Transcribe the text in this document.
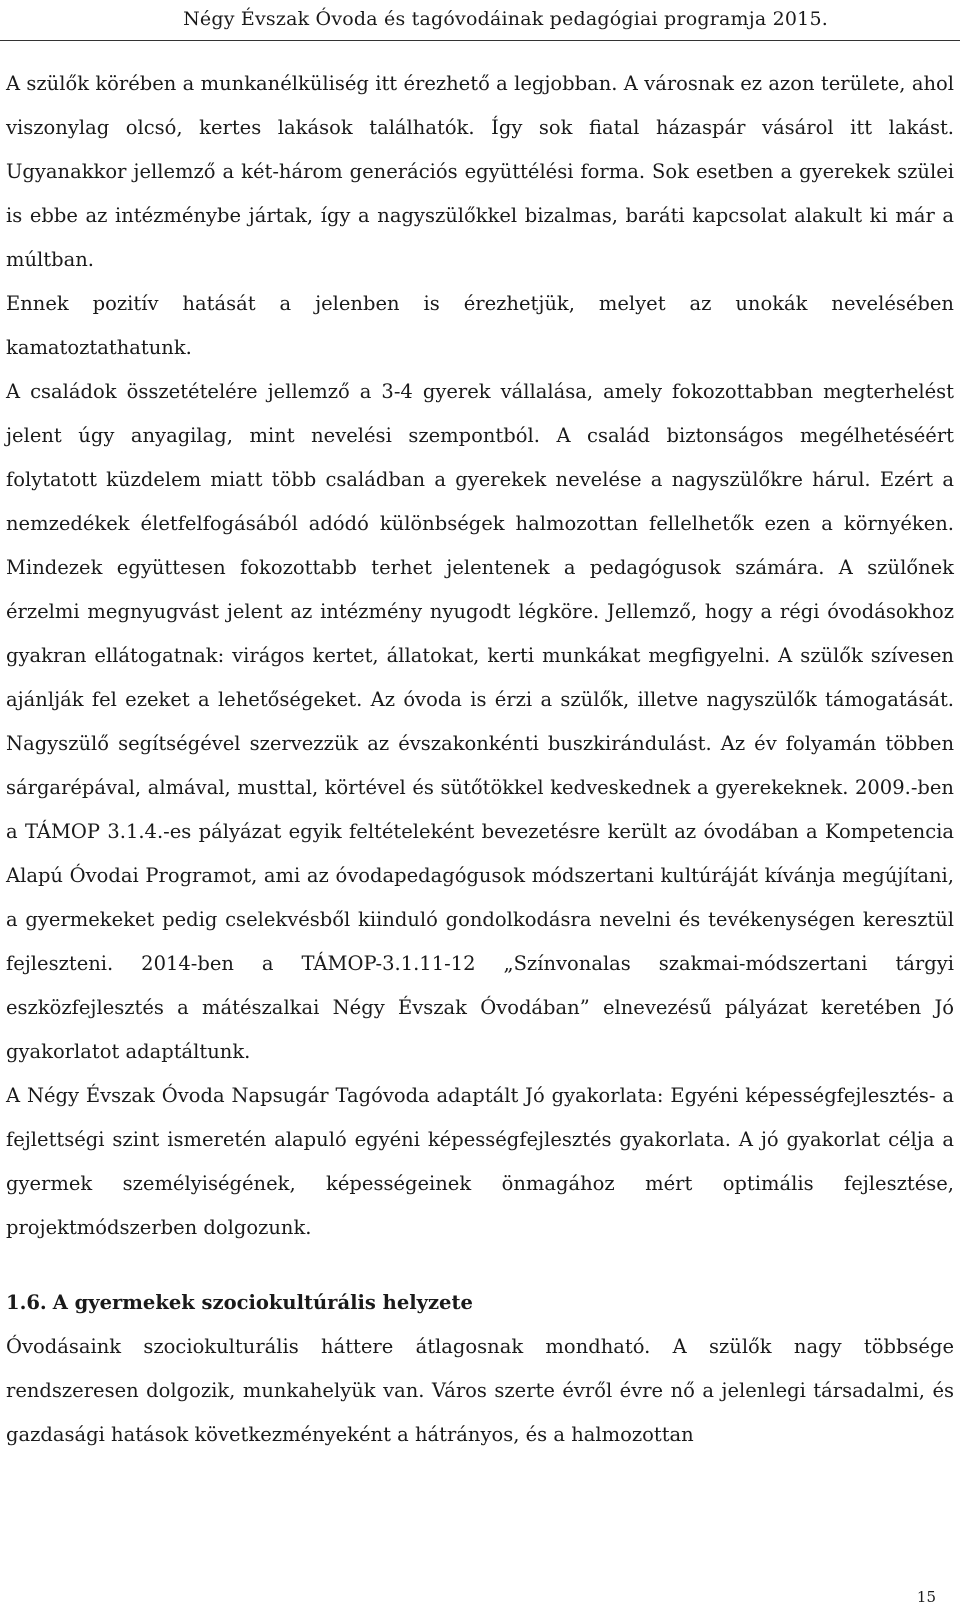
Négy Évszak Óvoda és tagóvodáinak pedagógiai programja 2015.

A szülők körében a munkanélküliség itt érezhető a legjobban. A városnak ez azon területe, ahol viszonylag olcsó, kertes lakások találhatók. Így sok fiatal házaspár vásárol itt lakást. Ugyanakkor jellemző a két-három generációs együttélési forma. Sok esetben a gyerekek szülei is ebbe az intézménybe jártak, így a nagyszülőkkel bizalmas, baráti kapcsolat alakult ki már a múltban.

Ennek pozitív hatását a jelenben is érezhetjük, melyet az unokák nevelésében kamatoztathatunk.

A családok összetételére jellemző a 3-4 gyerek vállalása, amely fokozottabban megterhelést jelent úgy anyagilag, mint nevelési szempontból. A család biztonságos megélhetéséért folytatott küzdelem miatt több családban a gyerekek nevelése a nagyszülőkre hárul. Ezért a nemzedékek életfelfogásából adódó különbségek halmozottan fellelhetők ezen a környéken. Mindezek együttesen fokozottabb terhet jelentenek a pedagógusok számára. A szülőnek érzelmi megnyugvást jelent az intézmény nyugodt légköre. Jellemző, hogy a régi óvodásokhoz gyakran ellátogatnak: virágos kertet, állatokat, kerti munkákat megfigyelni. A szülők szívesen ajánlják fel ezeket a lehetőségeket. Az óvoda is érzi a szülők, illetve nagyszülők támogatását. Nagyszülő segítségével szervezzük az évszakonkénti buszkirándulást. Az év folyamán többen sárgarépával, almával, musttal, körtével és sütőtökkel kedveskednek a gyerekeknek. 2009.-ben a TÁMOP 3.1.4.-es pályázat egyik feltételeként bevezetésre került az óvodában a Kompetencia Alapú Óvodai Programot, ami az óvodapedagógusok módszertani kultúráját kívánja megújítani, a gyermekeket pedig cselekvésből kiinduló gondolkodásra nevelni és tevékenységen keresztül fejleszteni. 2014-ben a TÁMOP-3.1.11-12 „Színvonalas szakmai-módszertani tárgyi eszközfejlesztés a mátészalkai Négy Évszak Óvodában” elnevezésű pályázat keretében Jó gyakorlatot adaptáltunk.

A Négy Évszak Óvoda Napsugár Tagóvoda adaptált Jó gyakorlata: Egyéni képességfejlesztés- a fejlettségi szint ismeretén alapuló egyéni képességfejlesztés gyakorlata. A jó gyakorlat célja a gyermek személyiségének, képességeinek önmagához mért optimális fejlesztése, projektmódszerben dolgozunk.

1.6. A gyermekek szociokultúrális helyzete

Óvodásaink szociokulturális háttere átlagosnak mondható. A szülők nagy többsége rendszeresen dolgozik, munkahelyük van. Város szerte évről évre nő a jelenlegi társadalmi, és gazdasági hatások következményeként a hátrányos, és a halmozottan

15
